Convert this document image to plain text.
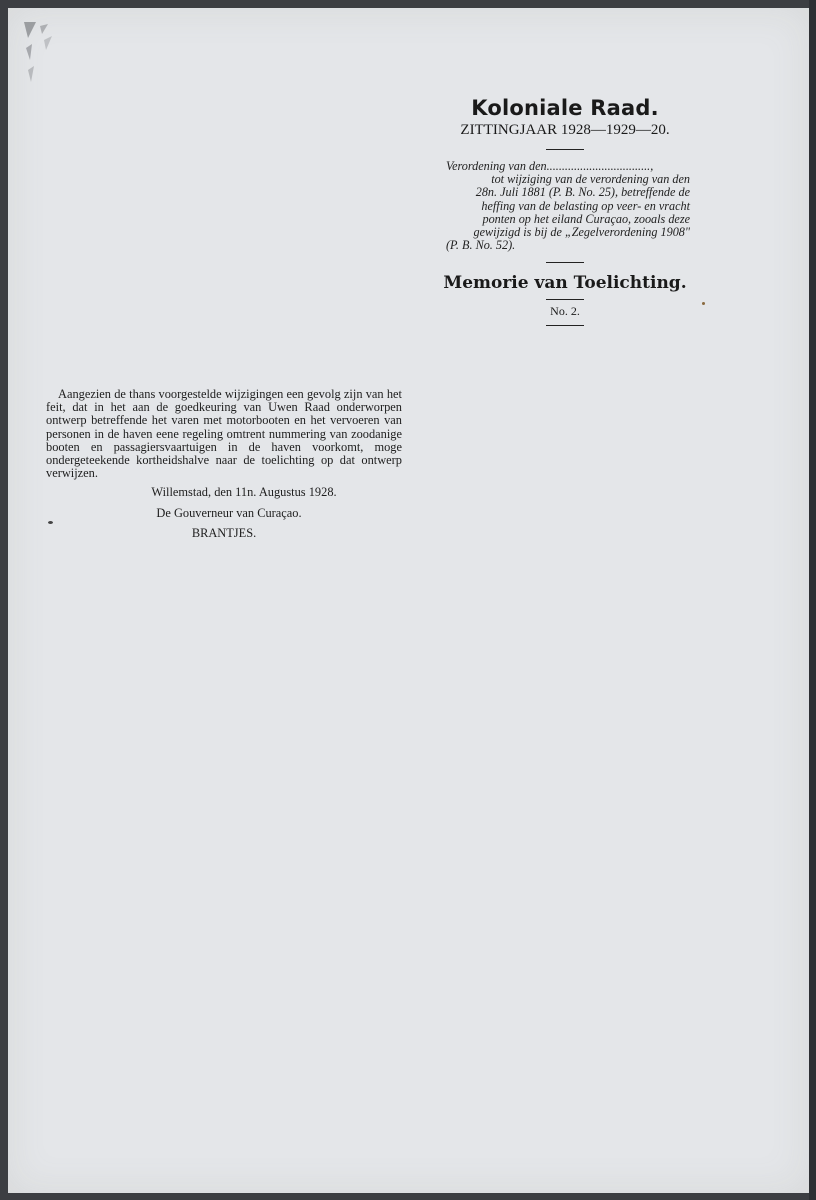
Koloniale Raad.
ZITTINGJAAR 1928—1929—20.
Verordening van den..................................,
tot wijziging van de verordening van den
28n. Juli 1881 (P. B. No. 25), betreffende de
heffing van de belasting op veer- en vracht
ponten op het eiland Curaçao, zooals deze
gewijzigd is bij de „Zegelverordening 1908"
(P. B. No. 52).
Memorie van Toelichting.
No. 2.

Aangezien de thans voorgestelde wijzigingen een gevolg zijn van het feit, dat in het aan de goedkeuring van Uwen Raad onderworpen ontwerp betreffende het varen met motorbooten en het vervoeren van personen in de haven eene regeling omtrent nummering van zoodanige booten en passagiersvaartuigen in de haven voorkomt, moge ondergeteekende kortheidshalve naar de toelichting op dat ontwerp verwijzen.

Willemstad, den 11n. Augustus 1928.
De Gouverneur van Curaçao.
BRANTJES.
